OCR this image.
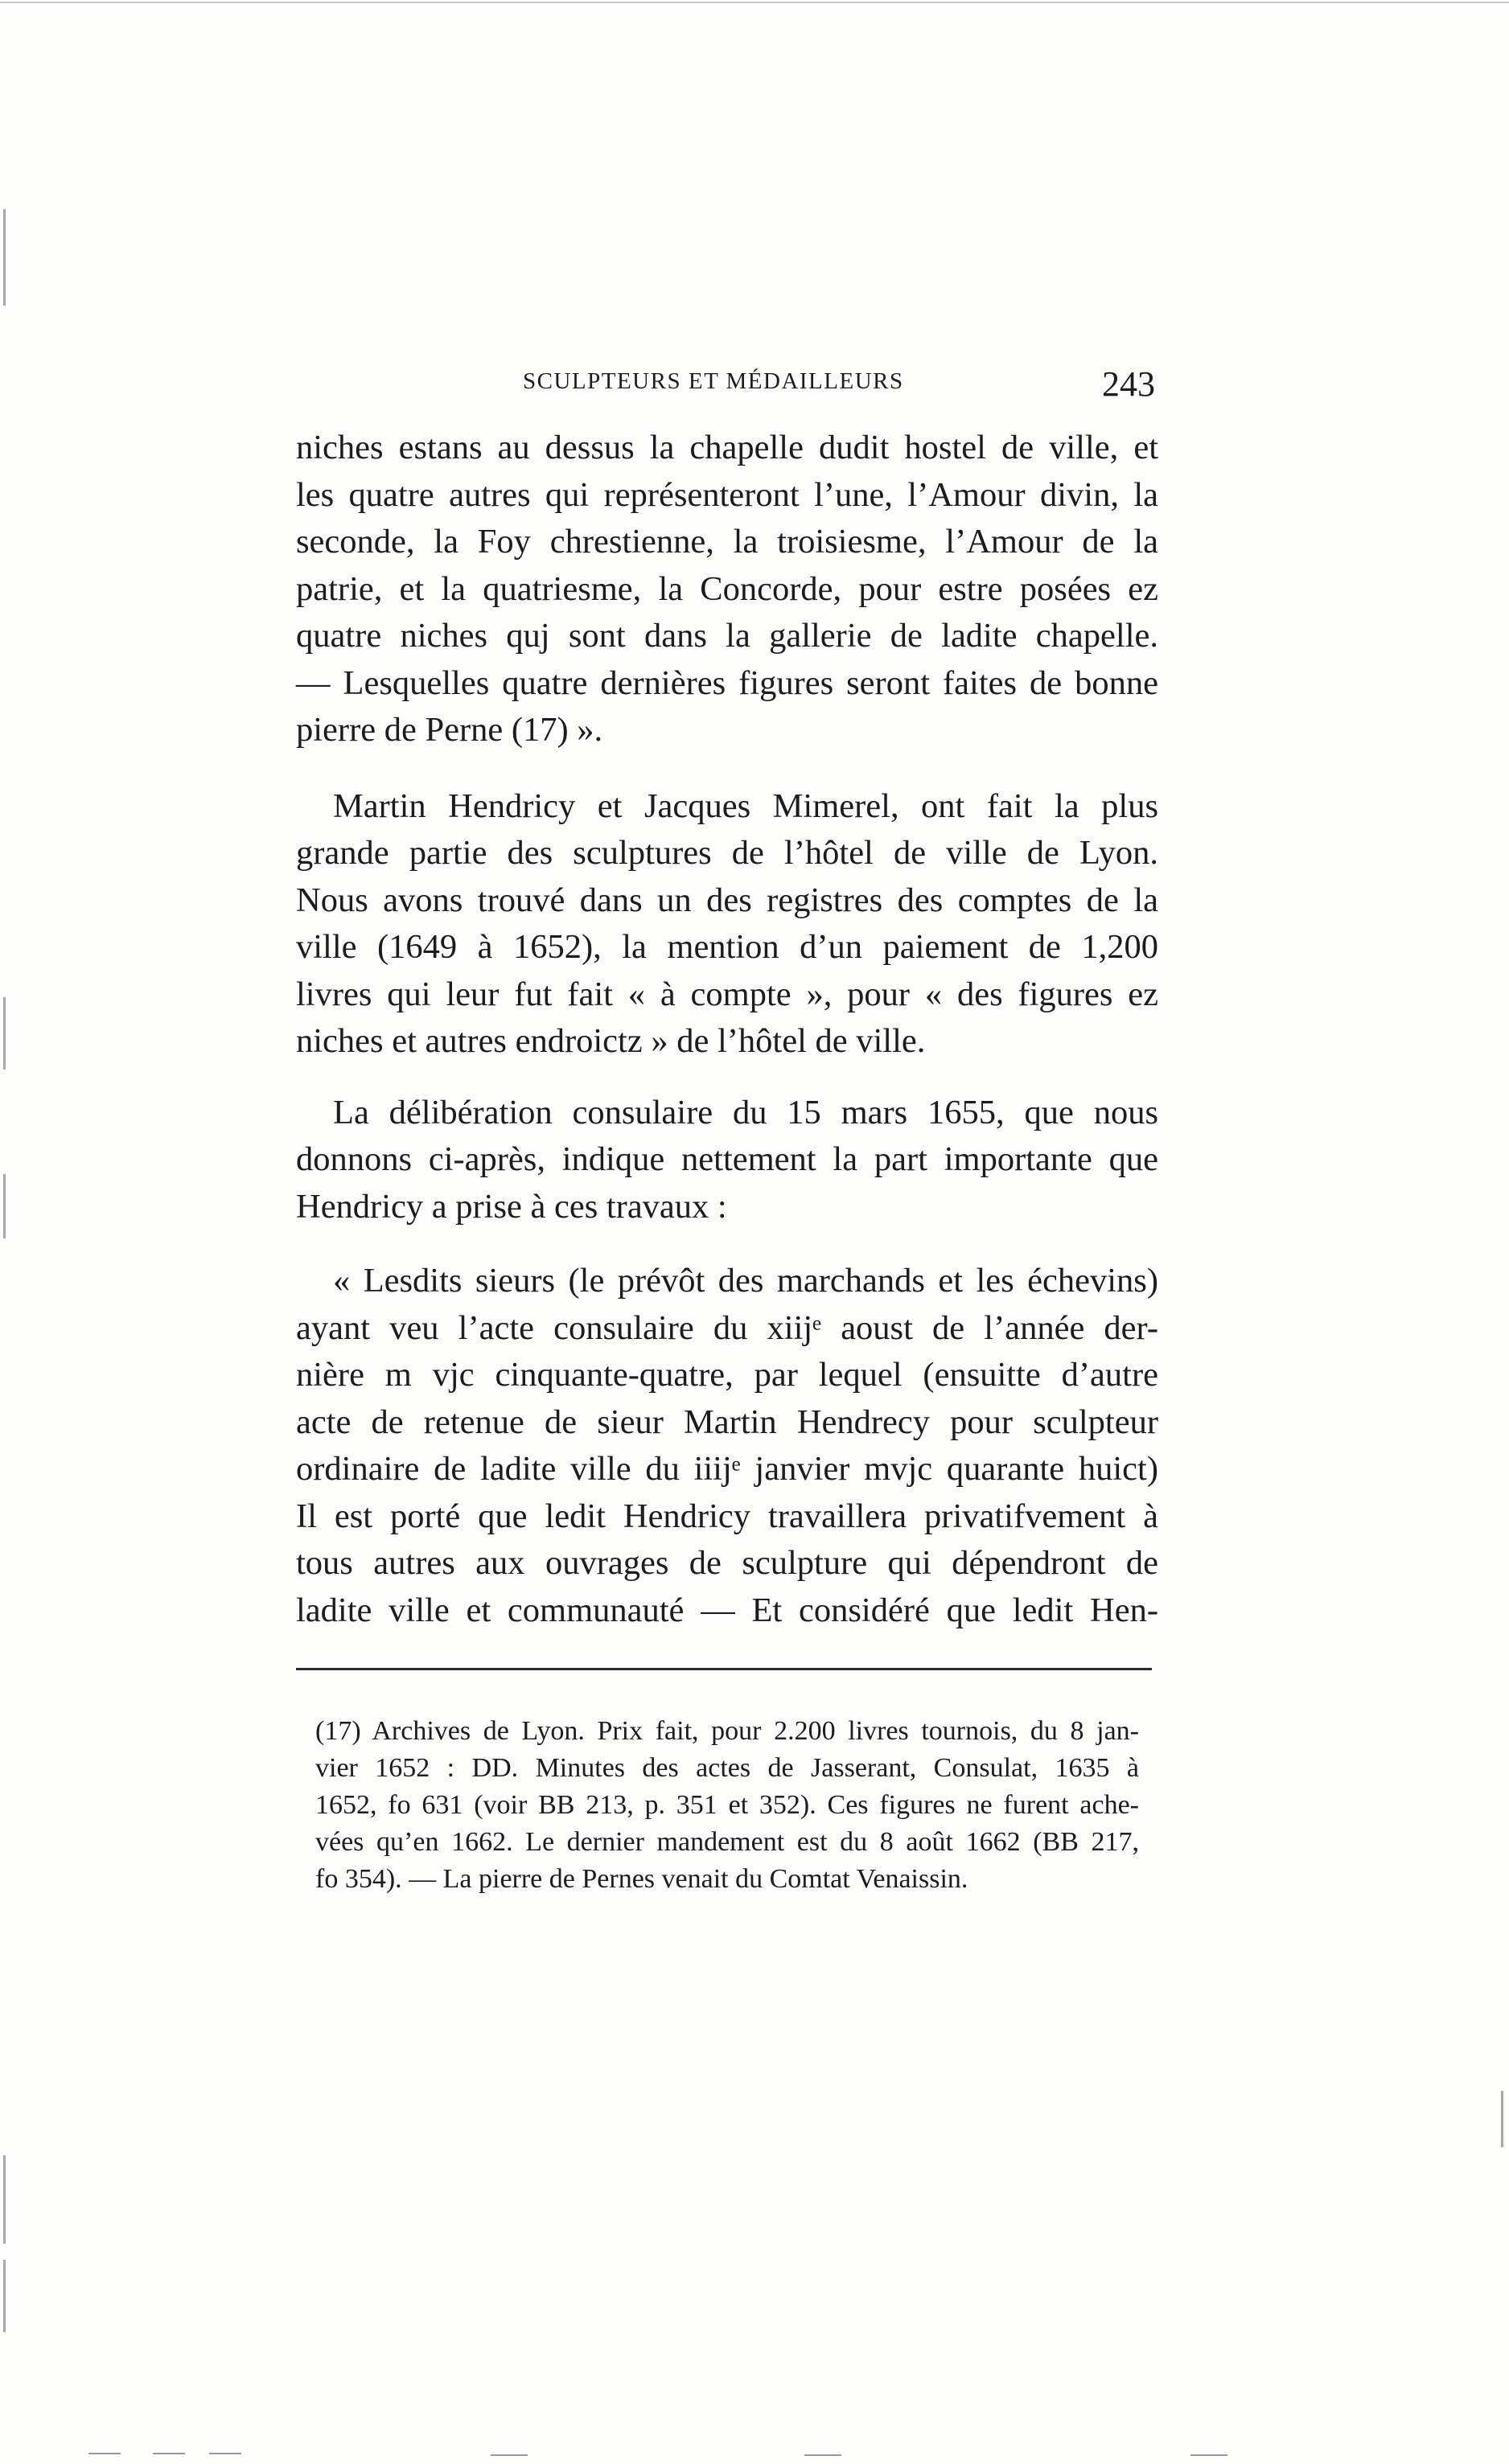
SCULPTEURS ET MÉDAILLEURS	243
niches estans au dessus la chapelle dudit hostel de ville, et
les quatre autres qui représenteront l’une, l’Amour divin, la
seconde, la Foy chrestienne, la troisiesme, l’Amour de la
patrie, et la quatriesme, la Concorde, pour estre posées ez
quatre niches quj sont dans la gallerie de ladite chapelle.
— Lesquelles quatre dernières figures seront faites de bonne
pierre de Perne (17) ».
Martin Hendricy et Jacques Mimerel, ont fait la plus
grande partie des sculptures de l’hôtel de ville de Lyon.
Nous avons trouvé dans un des registres des comptes de la
ville (1649 à 1652), la mention d’un paiement de 1,200
livres qui leur fut fait « à compte », pour « des figures ez
niches et autres endroictz » de l’hôtel de ville.
La délibération consulaire du 15 mars 1655, que nous
donnons ci-après, indique nettement la part importante que
Hendricy a prise à ces travaux :
« Lesdits sieurs (le prévôt des marchands et les échevins)
ayant veu l’acte consulaire du xiijᵉ aoust de l’année der-
nière m vjc cinquante-quatre, par lequel (ensuitte d’autre
acte de retenue de sieur Martin Hendrecy pour sculpteur
ordinaire de ladite ville du iiijᵉ janvier mvjc quarante huict)
Il est porté que ledit Hendricy travaillera privatifvement à
tous autres aux ouvrages de sculpture qui dépendront de
ladite ville et communauté — Et considéré que ledit Hen-
(17) Archives de Lyon. Prix fait, pour 2.200 livres tournois, du 8 jan-
vier 1652 : DD. Minutes des actes de Jasserant, Consulat, 1635 à
1652, fo 631 (voir BB 213, p. 351 et 352). Ces figures ne furent ache-
vées qu’en 1662. Le dernier mandement est du 8 août 1662 (BB 217,
fo 354). — La pierre de Pernes venait du Comtat Venaissin.
